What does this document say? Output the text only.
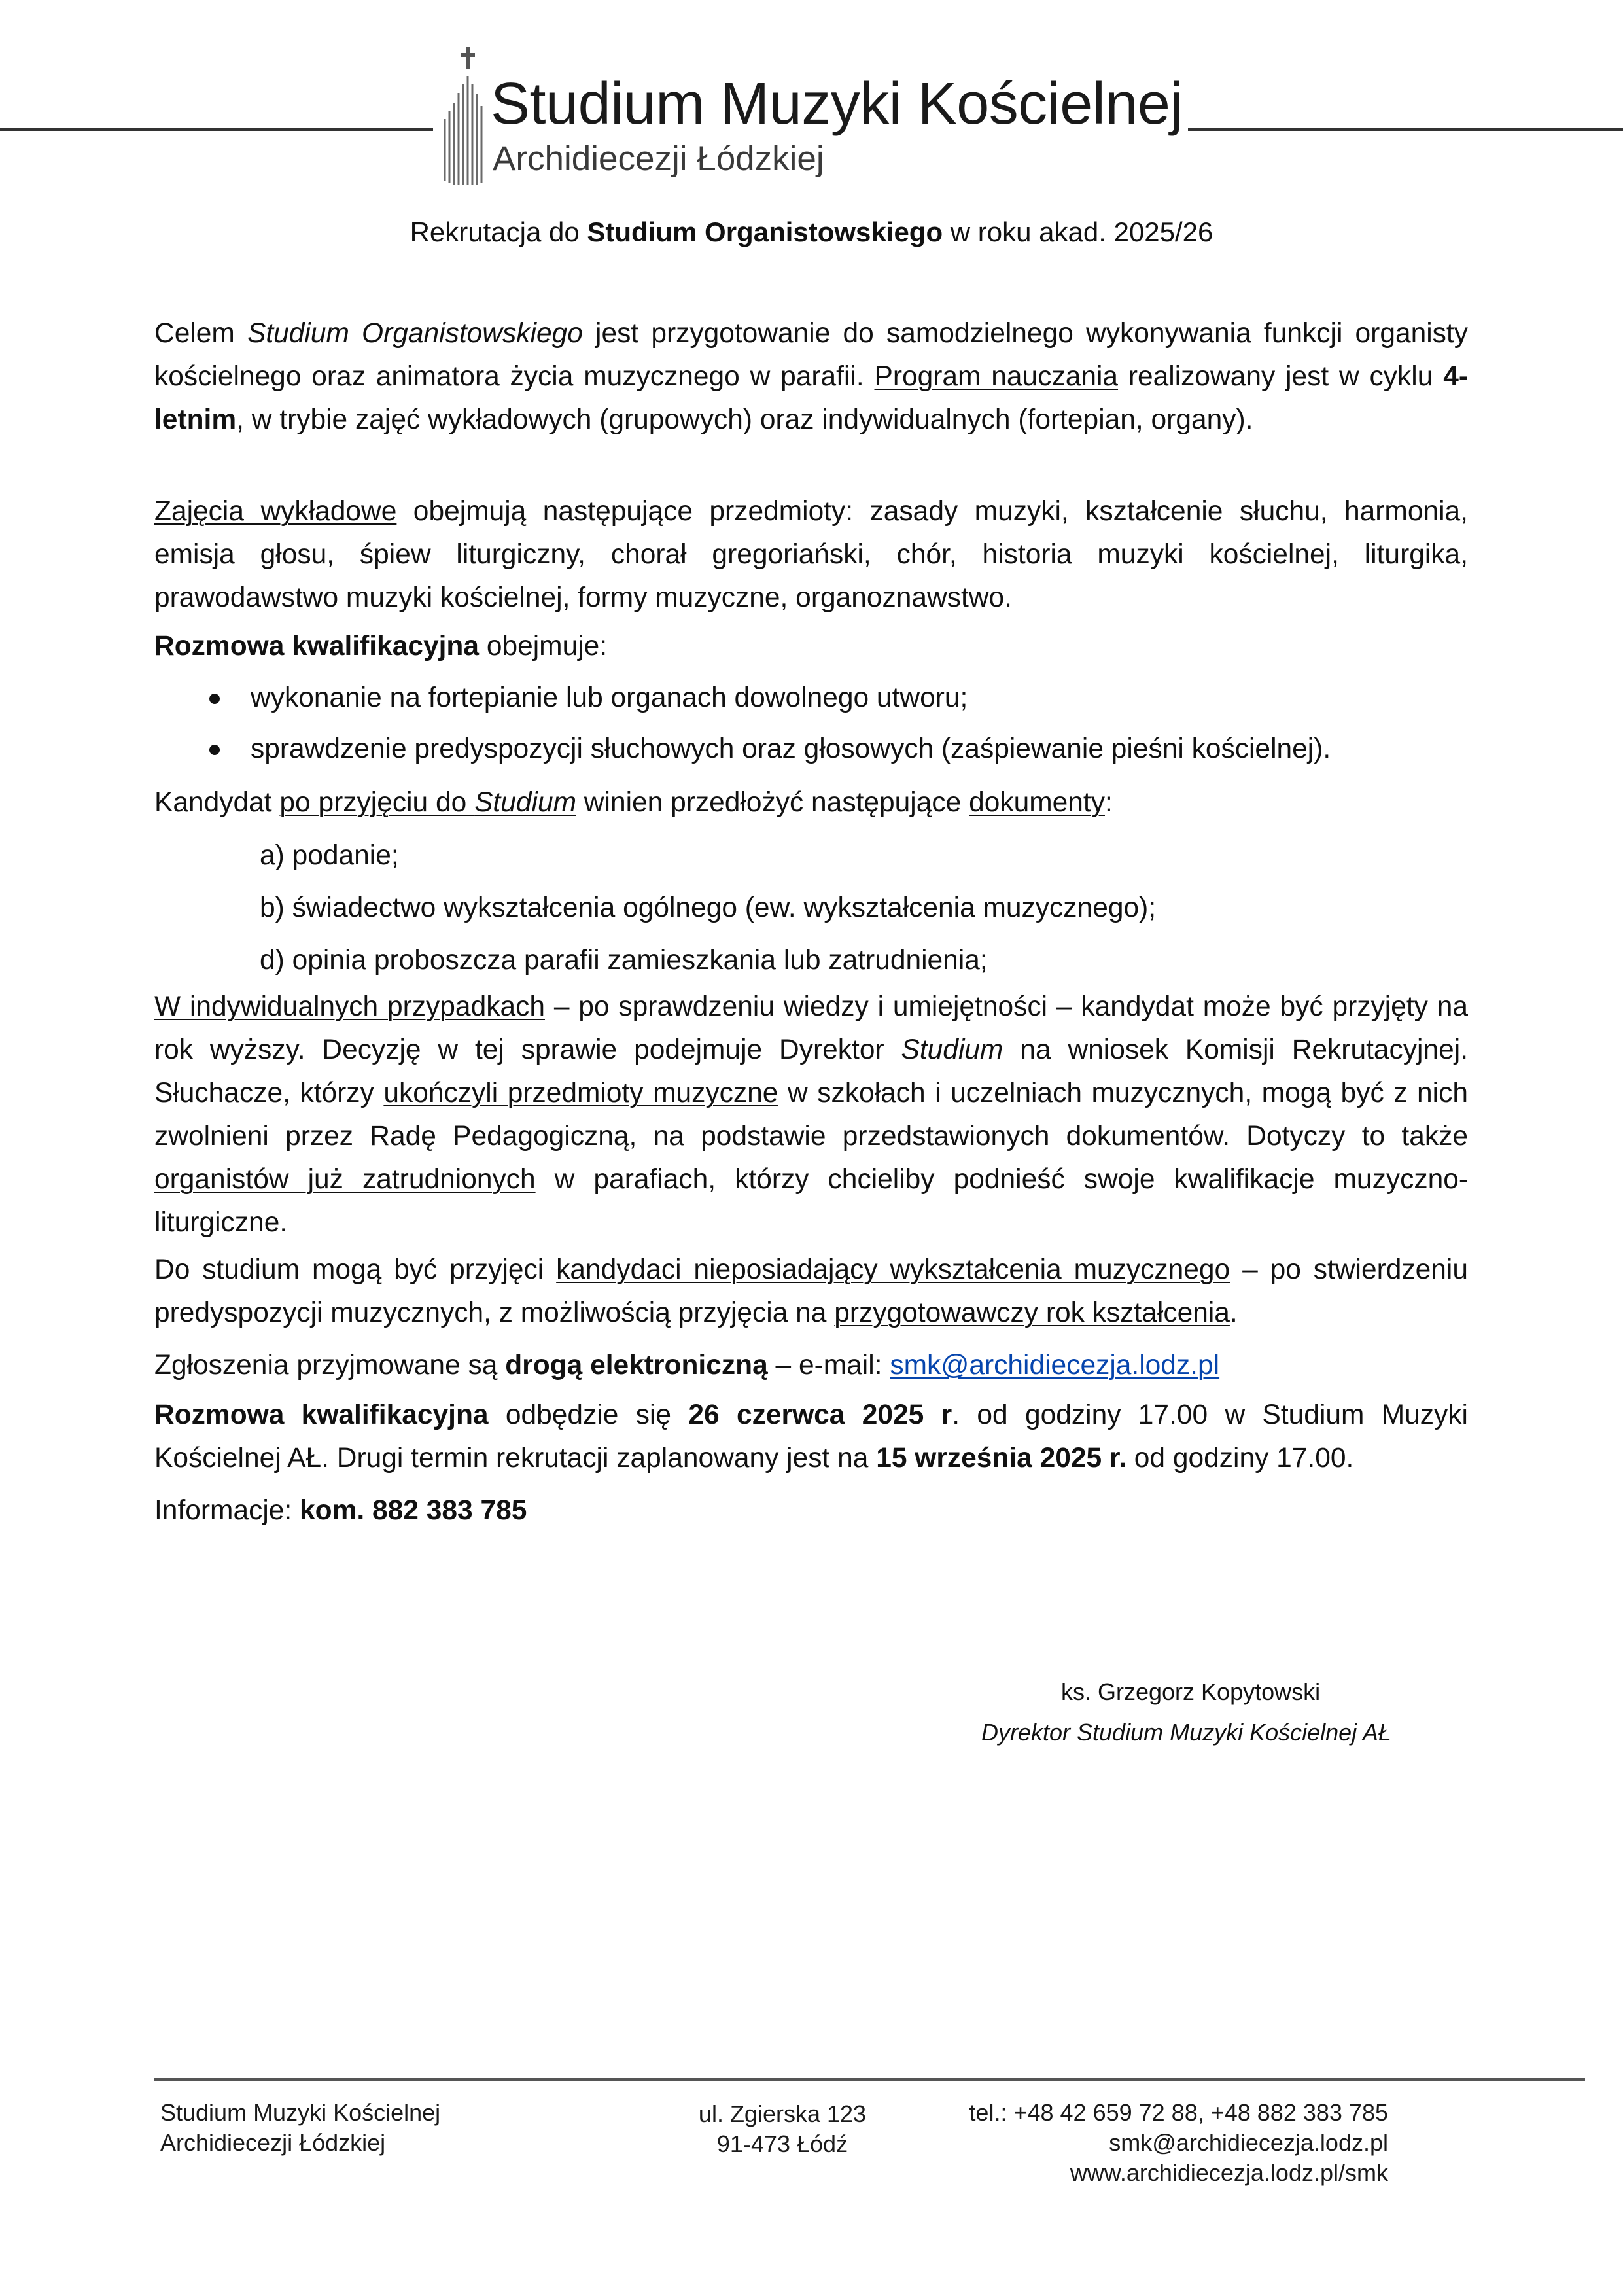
Studium Muzyki Kościelnej
Archidiecezji Łódzkiej
Rekrutacja do Studium Organistowskiego w roku akad. 2025/26

Celem Studium Organistowskiego jest przygotowanie do samodzielnego wykonywania funkcji organisty kościelnego oraz animatora życia muzycznego w parafii. Program nauczania realizowany jest w cyklu 4-letnim, w trybie zajęć wykładowych (grupowych) oraz indywidualnych (fortepian, organy).

Zajęcia wykładowe obejmują następujące przedmioty: zasady muzyki, kształcenie słuchu, harmonia, emisja głosu, śpiew liturgiczny, chorał gregoriański, chór, historia muzyki kościelnej, liturgika, prawodawstwo muzyki kościelnej, formy muzyczne, organoznawstwo.

Rozmowa kwalifikacyjna obejmuje:

wykonanie na fortepianie lub organach dowolnego utworu;
sprawdzenie predyspozycji słuchowych oraz głosowych (zaśpiewanie pieśni kościelnej).

Kandydat po przyjęciu do Studium winien przedłożyć następujące dokumenty:

a) podanie;
b) świadectwo wykształcenia ogólnego (ew. wykształcenia muzycznego);
d) opinia proboszcza parafii zamieszkania lub zatrudnienia;

W indywidualnych przypadkach – po sprawdzeniu wiedzy i umiejętności – kandydat może być przyjęty na rok wyższy. Decyzję w tej sprawie podejmuje Dyrektor Studium na wniosek Komisji Rekrutacyjnej. Słuchacze, którzy ukończyli przedmioty muzyczne w szkołach i uczelniach muzycznych, mogą być z nich zwolnieni przez Radę Pedagogiczną, na podstawie przedstawionych dokumentów. Dotyczy to także organistów już zatrudnionych w parafiach, którzy chcieliby podnieść swoje kwalifikacje muzyczno-liturgiczne.

Do studium mogą być przyjęci kandydaci nieposiadający wykształcenia muzycznego – po stwierdzeniu predyspozycji muzycznych, z możliwością przyjęcia na przygotowawczy rok kształcenia.

Zgłoszenia przyjmowane są drogą elektroniczną – e-mail: smk@archidiecezja.lodz.pl

Rozmowa kwalifikacyjna odbędzie się 26 czerwca 2025 r. od godziny 17.00 w Studium Muzyki Kościelnej AŁ. Drugi termin rekrutacji zaplanowany jest na 15 września 2025 r. od godziny 17.00.

Informacje: kom. 882 383 785

ks. Grzegorz Kopytowski
Dyrektor Studium Muzyki Kościelnej AŁ
Studium Muzyki Kościelnej
Archidiecezji Łódzkiej
ul. Zgierska 123
91-473 Łódź
tel.: +48 42 659 72 88, +48 882 383 785
smk@archidiecezja.lodz.pl
www.archidiecezja.lodz.pl/smk
